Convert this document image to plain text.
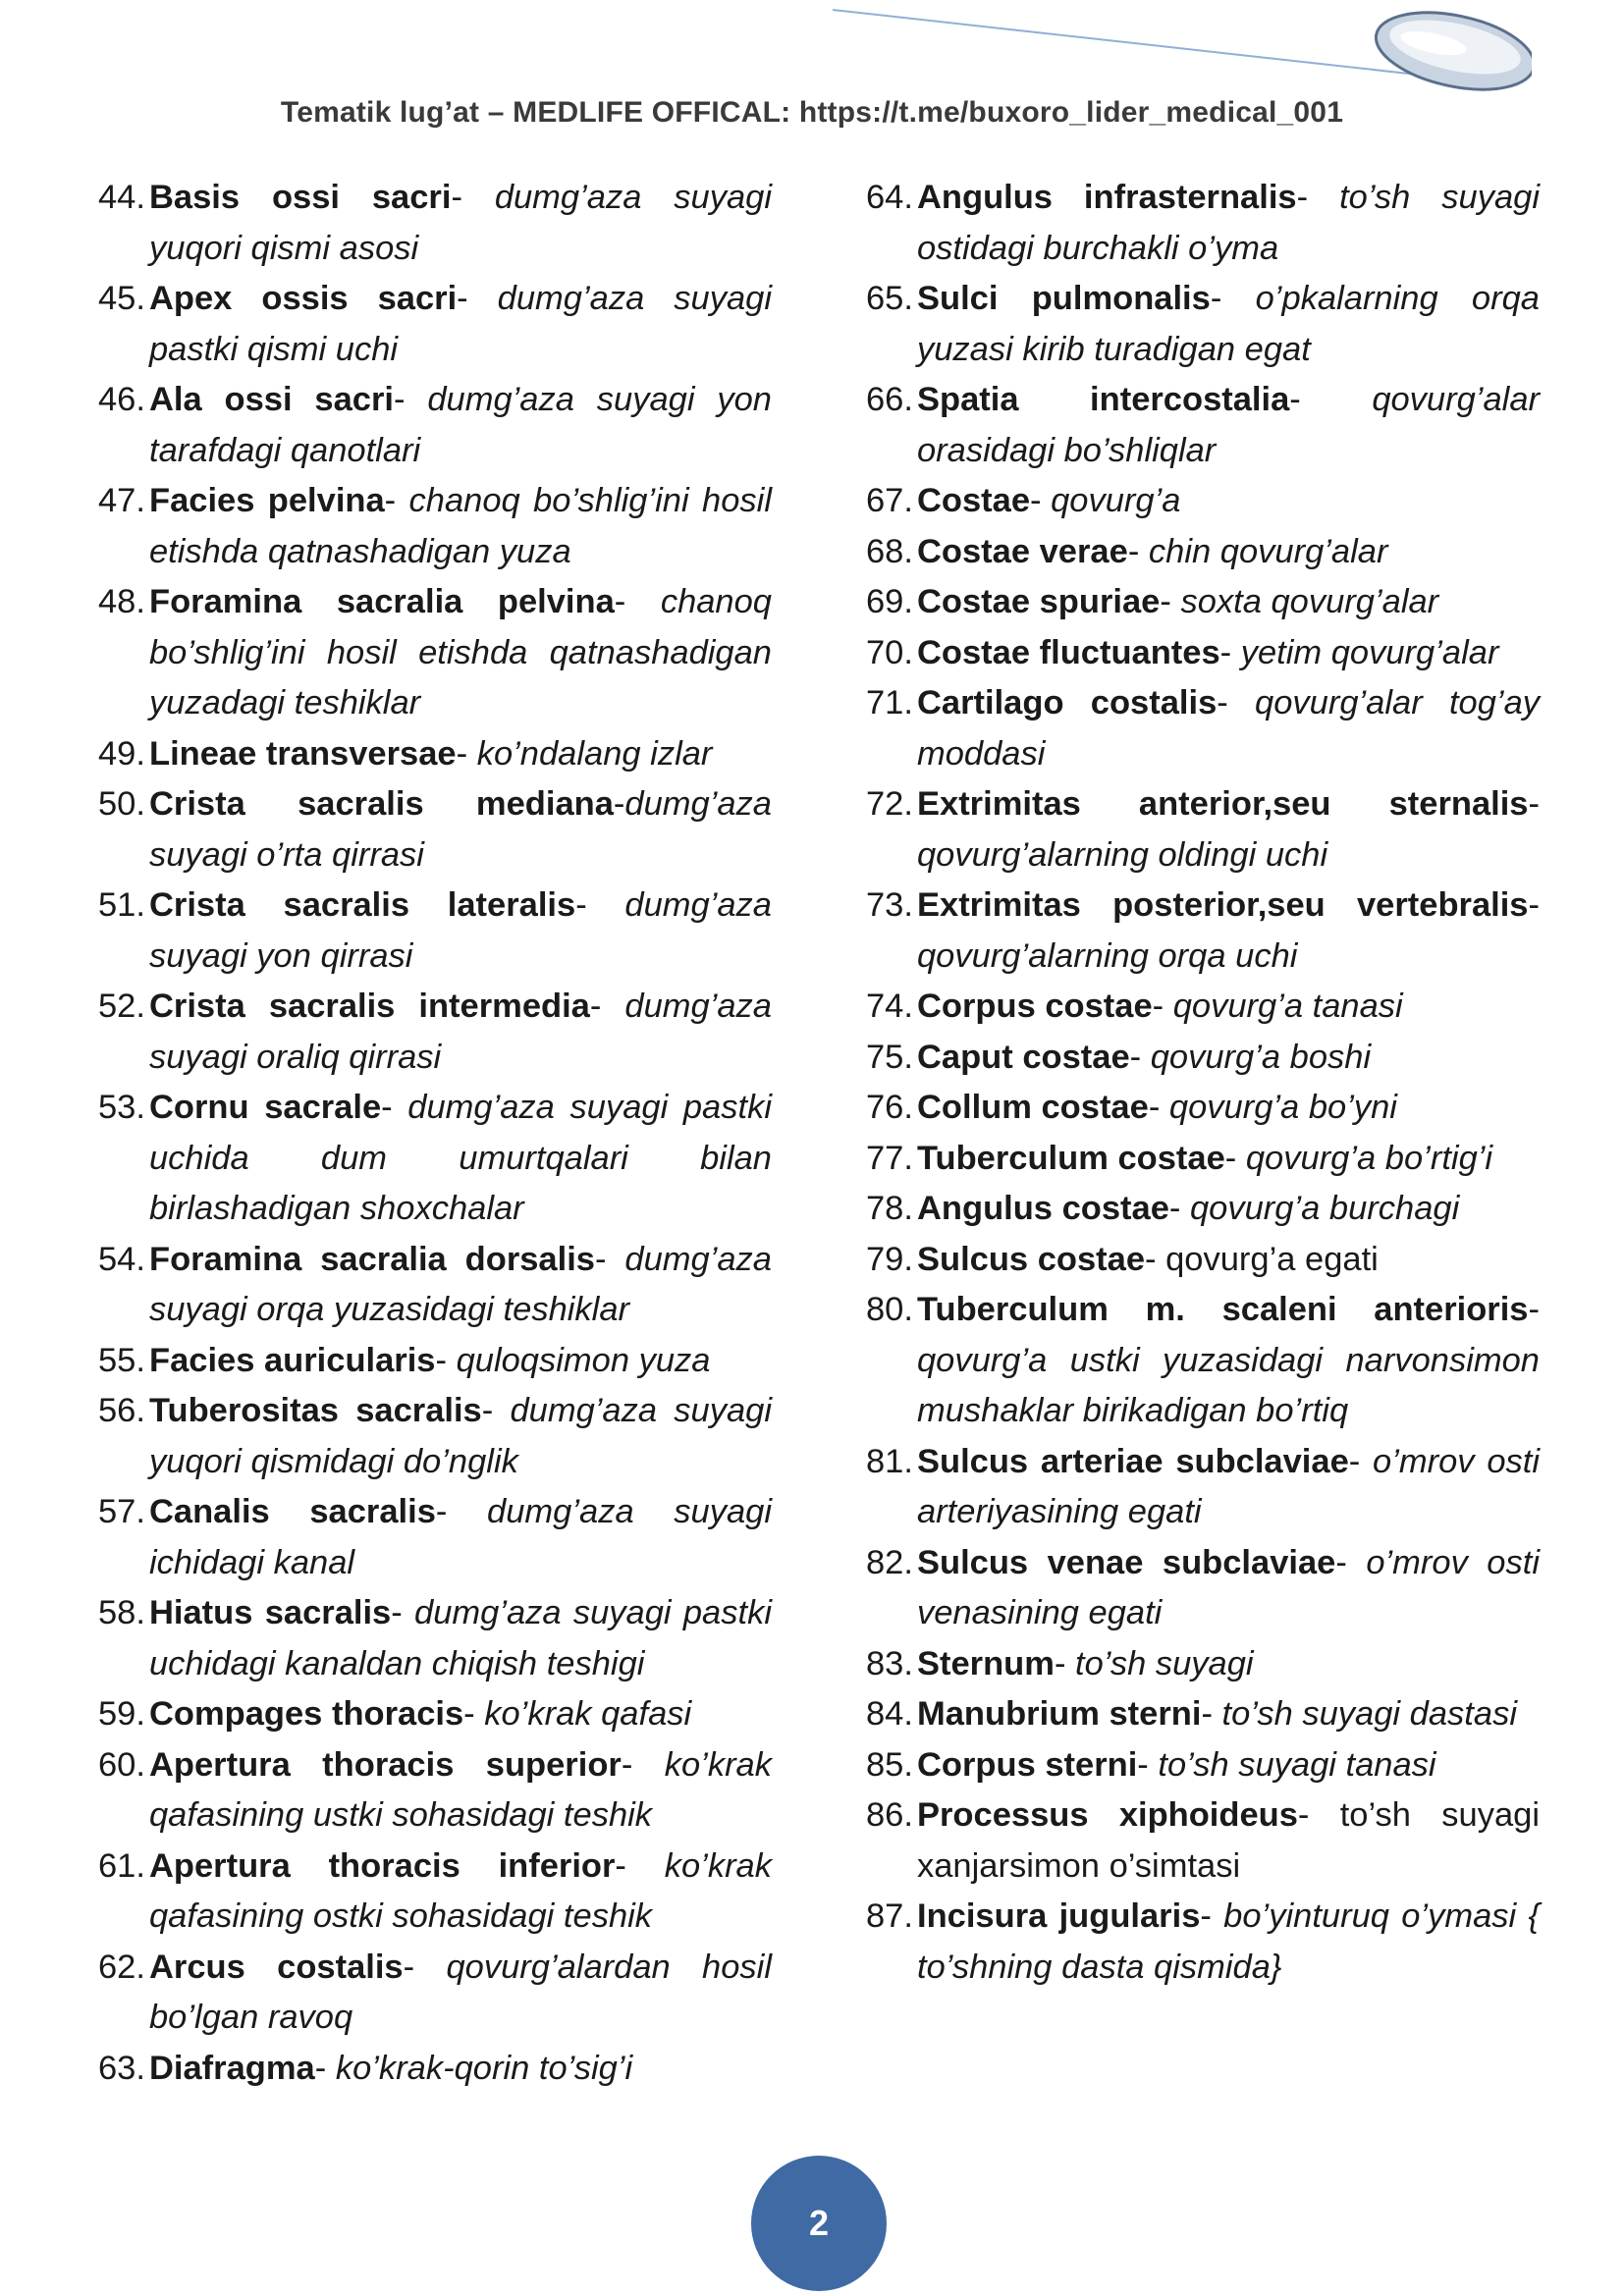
Tematik lug’at – MEDLIFE OFFICAL: https://t.me/buxoro_lider_medical_001
44. Basis ossi sacri- dumg’aza suyagi yuqori qismi asosi
45. Apex ossis sacri- dumg’aza suyagi pastki qismi uchi
46. Ala ossi sacri- dumg’aza suyagi yon tarafdagi qanotlari
47. Facies pelvina- chanoq bo’shlig’ini hosil etishda qatnashadigan yuza
48. Foramina sacralia pelvina- chanoq bo’shlig’ini hosil etishda qatnashadigan yuzadagi teshiklar
49. Lineae transversae- ko’ndalang izlar
50. Crista sacralis mediana-dumg’aza suyagi o’rta qirrasi
51. Crista sacralis lateralis- dumg’aza suyagi yon qirrasi
52. Crista sacralis intermedia- dumg’aza suyagi oraliq qirrasi
53. Cornu sacrale- dumg’aza suyagi pastki uchida dum umurtqalari bilan birlashadigan shoxchalar
54. Foramina sacralia dorsalis- dumg’aza suyagi orqa yuzasidagi teshiklar
55. Facies auricularis- quloqsimon yuza
56. Tuberositas sacralis- dumg’aza suyagi yuqori qismidagi do’nglik
57. Canalis sacralis- dumg’aza suyagi ichidagi kanal
58. Hiatus sacralis- dumg’aza suyagi pastki uchidagi kanaldan chiqish teshigi
59. Compages thoracis- ko’krak qafasi
60. Apertura thoracis superior- ko’krak qafasining ustki sohasidagi teshik
61. Apertura thoracis inferior- ko’krak qafasining ostki sohasidagi teshik
62. Arcus costalis- qovurg’alardan hosil bo’lgan ravoq
63. Diafragma- ko’krak-qorin to’sig’i
64. Angulus infrasternalis- to’sh suyagi ostidagi burchakli o’yma
65. Sulci pulmonalis- o’pkalarning orqa yuzasi kirib turadigan egat
66. Spatia intercostalia- qovurg’alar orasidagi bo’shliqlar
67. Costae- qovurg’a
68. Costae verae- chin qovurg’alar
69. Costae spuriae- soxta qovurg’alar
70. Costae fluctuantes- yetim qovurg’alar
71. Cartilago costalis- qovurg’alar tog’ay moddasi
72. Extrimitas anterior,seu sternalis- qovurg’alarning oldingi uchi
73. Extrimitas posterior,seu vertebralis- qovurg’alarning orqa uchi
74. Corpus costae- qovurg’a tanasi
75. Caput costae- qovurg’a boshi
76. Collum costae- qovurg’a bo’yni
77. Tuberculum costae- qovurg’a bo’rtig’i
78. Angulus costae- qovurg’a burchagi
79. Sulcus costae- qovurg’a egati
80. Tuberculum m. scaleni anterioris- qovurg’a ustki yuzasidagi narvonsimon mushaklar birikadigan bo’rtiq
81. Sulcus arteriae subclaviae- o’mrov osti arteriyasining egati
82. Sulcus venae subclaviae- o’mrov osti venasining egati
83. Sternum- to’sh suyagi
84. Manubrium sterni- to’sh suyagi dastasi
85. Corpus sterni- to’sh suyagi tanasi
86. Processus xiphoideus- to’sh suyagi xanjarsimon o’simtasi
87. Incisura jugularis- bo’yinturuq o’ymasi { to’shning dasta qismida}
2
